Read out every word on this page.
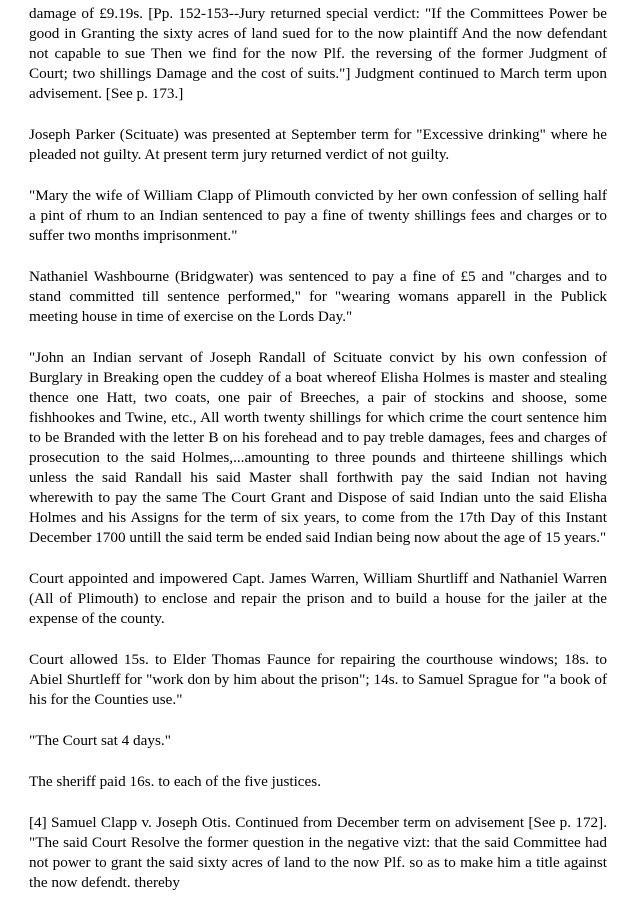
damage of £9.19s. [Pp. 152-153--Jury returned special verdict: "If the Committees Power be good in Granting the sixty acres of land sued for to the now plaintiff And the now defendant not capable to sue Then we find for the now Plf. the reversing of the former Judgment of Court; two shillings Damage and the cost of suits."] Judgment continued to March term upon advisement. [See p. 173.]

Joseph Parker (Scituate) was presented at September term for "Excessive drinking" where he pleaded not guilty. At present term jury returned verdict of not guilty.

"Mary the wife of William Clapp of Plimouth convicted by her own confession of selling half a pint of rhum to an Indian sentenced to pay a fine of twenty shillings fees and charges or to suffer two months imprisonment."

Nathaniel Washbourne (Bridgwater) was sentenced to pay a fine of £5 and "charges and to stand committed till sentence performed," for "wearing womans apparell in the Publick meeting house in time of exercise on the Lords Day."

"John an Indian servant of Joseph Randall of Scituate convict by his own confession of Burglary in Breaking open the cuddey of a boat whereof Elisha Holmes is master and stealing thence one Hatt, two coats, one pair of Breeches, a pair of stockins and shoose, some fishhookes and Twine, etc., All worth twenty shillings for which crime the court sentence him to be Branded with the letter B on his forehead and to pay treble damages, fees and charges of prosecution to the said Holmes,...amounting to three pounds and thirteene shillings which unless the said Randall his said Master shall forthwith pay the said Indian not having wherewith to pay the same The Court Grant and Dispose of said Indian unto the said Elisha Holmes and his Assigns for the term of six years, to come from the 17th Day of this Instant December 1700 untill the said term be ended said Indian being now about the age of 15 years."

Court appointed and impowered Capt. James Warren, William Shurtliff and Nathaniel Warren (All of Plimouth) to enclose and repair the prison and to build a house for the jailer at the expense of the county.

Court allowed 15s. to Elder Thomas Faunce for repairing the courthouse windows; 18s. to Abiel Shurtleff for "work don by him about the prison"; 14s. to Samuel Sprague for "a book of his for the Counties use."

"The Court sat 4 days."

The sheriff paid 16s. to each of the five justices.

[4] Samuel Clapp v. Joseph Otis. Continued from December term on advisement [See p. 172]. "The said Court Resolve the former question in the negative vizt: that the said Committee had not power to grant the said sixty acres of land to the now Plf. so as to make him a title against the now defendt. thereby
